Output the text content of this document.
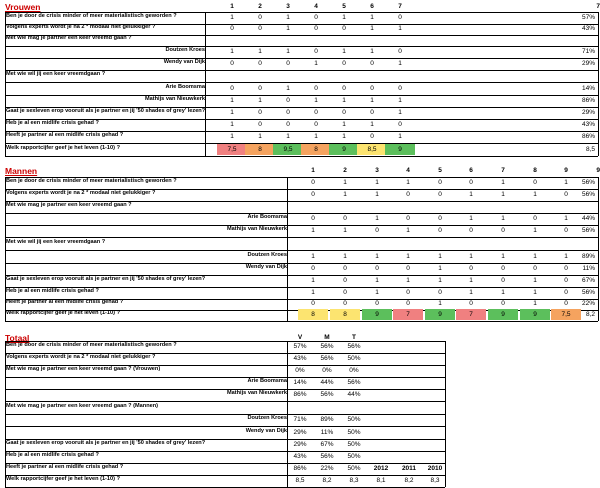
Vrouwen	1	2	3	4	5	6	7	7
Ben je door de crisis minder of meer materialistisch geworden ?	1	0	1	0	1	1	0	57%
Volgens experts wordt je na 2 * modaal niet gelukkiger ?	0	0	1	0	0	1	1	43%
Met wie mag je partner een keer vreemd gaan ?
Doutzen Kroes	1	1	1	0	1	1	0	71%
Wendy van Dijk	0	0	0	1	0	0	1	29%
Met wie wil jij een keer vreemdgaan ?
Arie Boomsma	0	0	1	0	0	0	0	14%
Mathijs van Nieuwkerk	1	1	0	1	1	1	1	86%
Gaat je sexleven erop vooruit als je partner en jij '50 shades of grey' lezen?	1	0	0	0	0	0	1	29%
Heb je al een midlife crisis gehad ?	1	0	0	0	1	1	0	43%
Heeft je partner al een midlife crisis gehad ?	1	1	1	1	1	0	1	86%
Welk rapportcijfer geef je het leven (1-10) ?	7,5	8	9,5	8	9	8,5	9	8,5
Mannen	1	2	3	4	5	6	7	8	9	9
Ben je door de crisis minder of meer materialistisch geworden ?	0	1	1	1	0	0	1	0	1	56%
Volgens experts wordt je na 2 * modaal niet gelukkiger ?	0	1	1	0	0	1	1	1	0	56%
Met wie mag je partner een keer vreemd gaan ?
Arie Boomsma	0	0	1	0	0	1	1	0	1	44%
Mathijs van Nieuwkerk	1	1	0	1	0	0	0	1	0	56%
Met wie wil jij een keer vreemdgaan ?
Doutzen Kroes	1	1	1	1	1	1	1	1	1	89%
Wendy van Dijk	0	0	0	0	1	0	0	0	0	11%
Gaat je sexleven erop vooruit als je partner en jij '50 shades of grey' lezen?	1	0	1	1	1	1	0	1	0	67%
Heb je al een midlife crisis gehad ?	1	0	1	0	0	1	1	1	0	56%
Heeft je partner al een midlife crisis gehad ?	0	0	0	0	1	0	0	1	0	22%
Welk rapportcijfer geef je het leven (1-10) ?	8	8	9	7	9	7	9	9	7,5	8,2
Totaal	V	M	T
Ben je door de crisis minder of meer materialistisch geworden ?	57%	56%	56%
Volgens experts wordt je na 2 * modaal niet gelukkiger ?	43%	56%	50%
Met wie mag je partner een keer vreemd gaan ? (Vrouwen)	0%	0%	0%
Arie Boomsma 14%	44%	56%
Mathijs van Nieuwkerk 86%	56%	44%
Met wie mag je partner een keer vreemd gaan ? (Mannen)
Doutzen Kroes 71%	89%	50%
Wendy van Dijk 29%	11%	50%
Gaat je sexleven erop vooruit als je partner en jij '50 shades of grey' lezen?	29%	67%	50%
Heb je al een midlife crisis gehad ?	43%	56%	50%
Heeft je partner al een midlife crisis gehad ?	86%	22%	50%	2012	2011	2010
Welk rapportcijfer geef je het leven (1-10) ?	8,5	8,2	8,3	8,1	8,2	8,3
